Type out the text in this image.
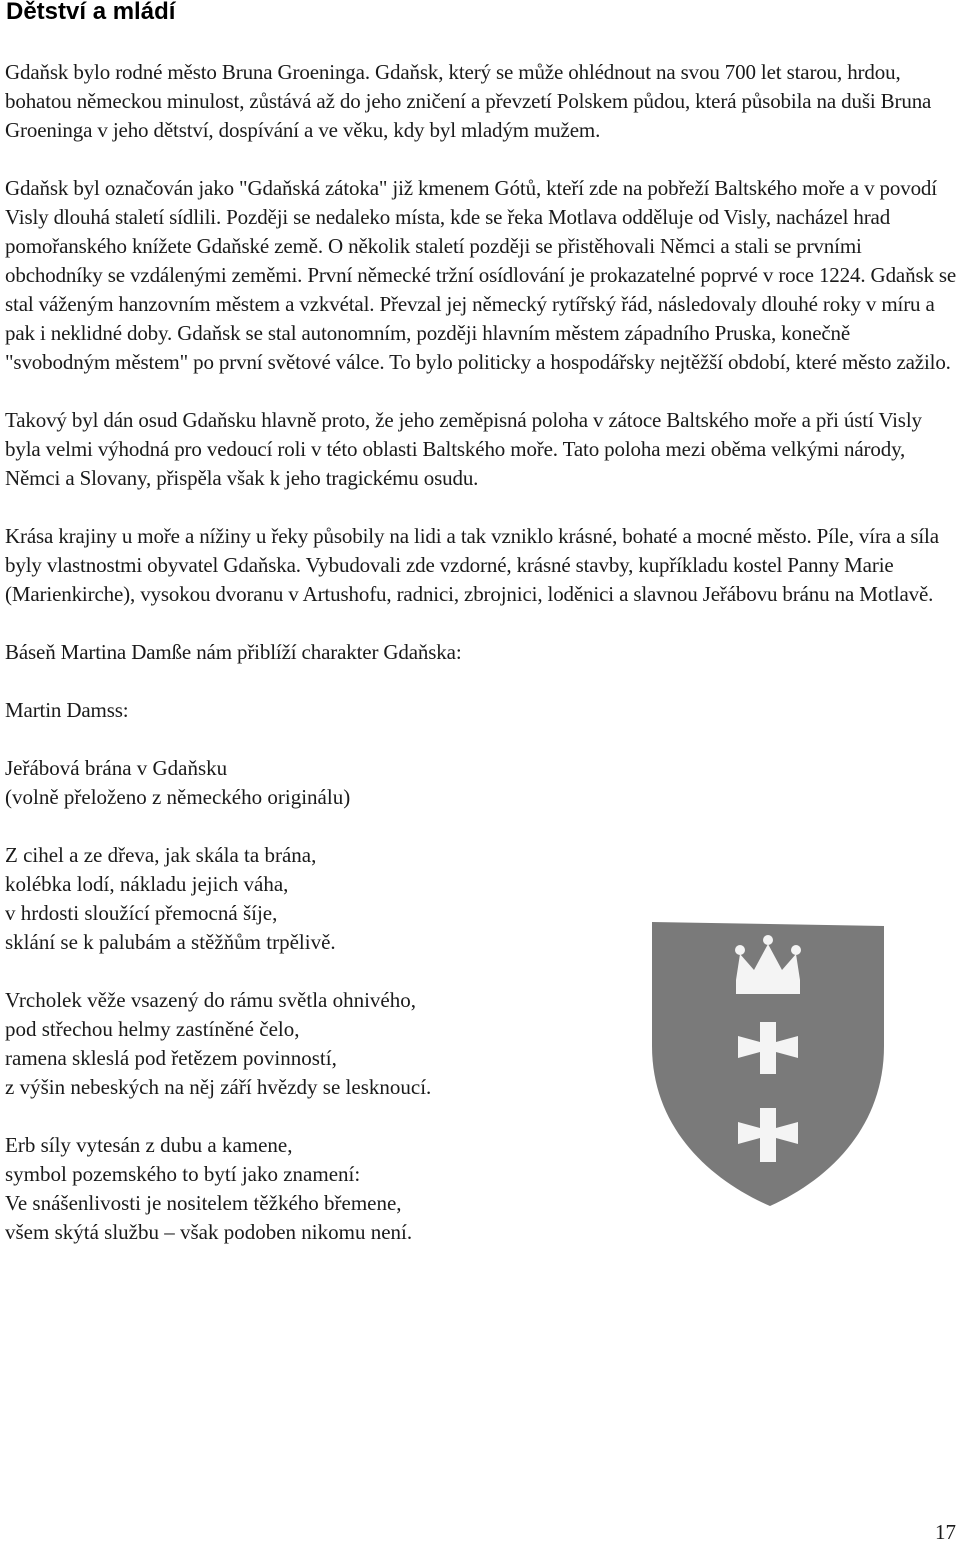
Dětství a mládí

Gdaňsk bylo rodné město Bruna Groeninga. Gdaňsk, který se může ohlédnout na svou 700 let starou, hrdou, bohatou německou minulost, zůstává až do jeho zničení a převzetí Polskem půdou, která působila na duši Bruna Groeninga v jeho dětství, dospívání a ve věku, kdy byl mladým mužem.

Gdaňsk byl označován jako "Gdaňská zátoka" již kmenem Gótů, kteří zde na pobřeží Baltského moře a v povodí Visly dlouhá staletí sídlili. Později se nedaleko místa, kde se řeka Motlava odděluje od Visly, nacházel hrad pomořanského knížete Gdaňské země. O několik staletí později se přistěhovali Němci a stali se prvními obchodníky se vzdálenými zeměmi. První německé tržní osídlování je prokazatelné poprvé v roce 1224. Gdaňsk se stal váženým hanzovním městem a vzkvétal. Převzal jej německý rytířský řád, následovaly dlouhé roky v míru a pak i neklidné doby. Gdaňsk se stal autonomním, později hlavním městem západního Pruska, konečně "svobodným městem" po první světové válce. To bylo politicky a hospodářsky nejtěžší období, které město zažilo.

Takový byl dán osud Gdaňsku hlavně proto, že jeho zeměpisná poloha v zátoce Baltského moře a při ústí Visly byla velmi výhodná pro vedoucí roli v této oblasti Baltského moře. Tato poloha mezi oběma velkými národy, Němci a Slovany, přispěla však k jeho tragickému osudu.

Krása krajiny u moře a nížiny u řeky působily na lidi a tak vzniklo krásné, bohaté a mocné město. Píle, víra a síla byly vlastnostmi obyvatel Gdaňska. Vybudovali zde vzdorné, krásné stavby, kupříkladu kostel Panny Marie (Marienkirche), vysokou dvoranu v Artushofu, radnici, zbrojnici, loděnici a slavnou Jeřábovu bránu na Motlavě.

Báseň Martina Damße nám přiblíží charakter Gdaňska:

Martin Damss:

Jeřábová brána v Gdaňsku
(volně přeloženo z německého originálu)
Z cihel a ze dřeva, jak skála ta brána,
kolébka lodí, nákladu jejich váha,
v hrdosti sloužící přemocná šíje,
sklání se k palubám a stěžňům trpělivě.
Vrcholek věže vsazený do rámu světla ohnivého,
pod střechou helmy zastíněné čelo,
ramena skleslá pod řetězem povinností,
z výšin nebeských na něj září hvězdy se lesknoucí.
Erb síly vytesán z dubu a kamene,
symbol pozemského to bytí jako znamení:
Ve snášenlivosti je nositelem těžkého břemene,
všem skýtá službu – však podoben nikomu není.
17
